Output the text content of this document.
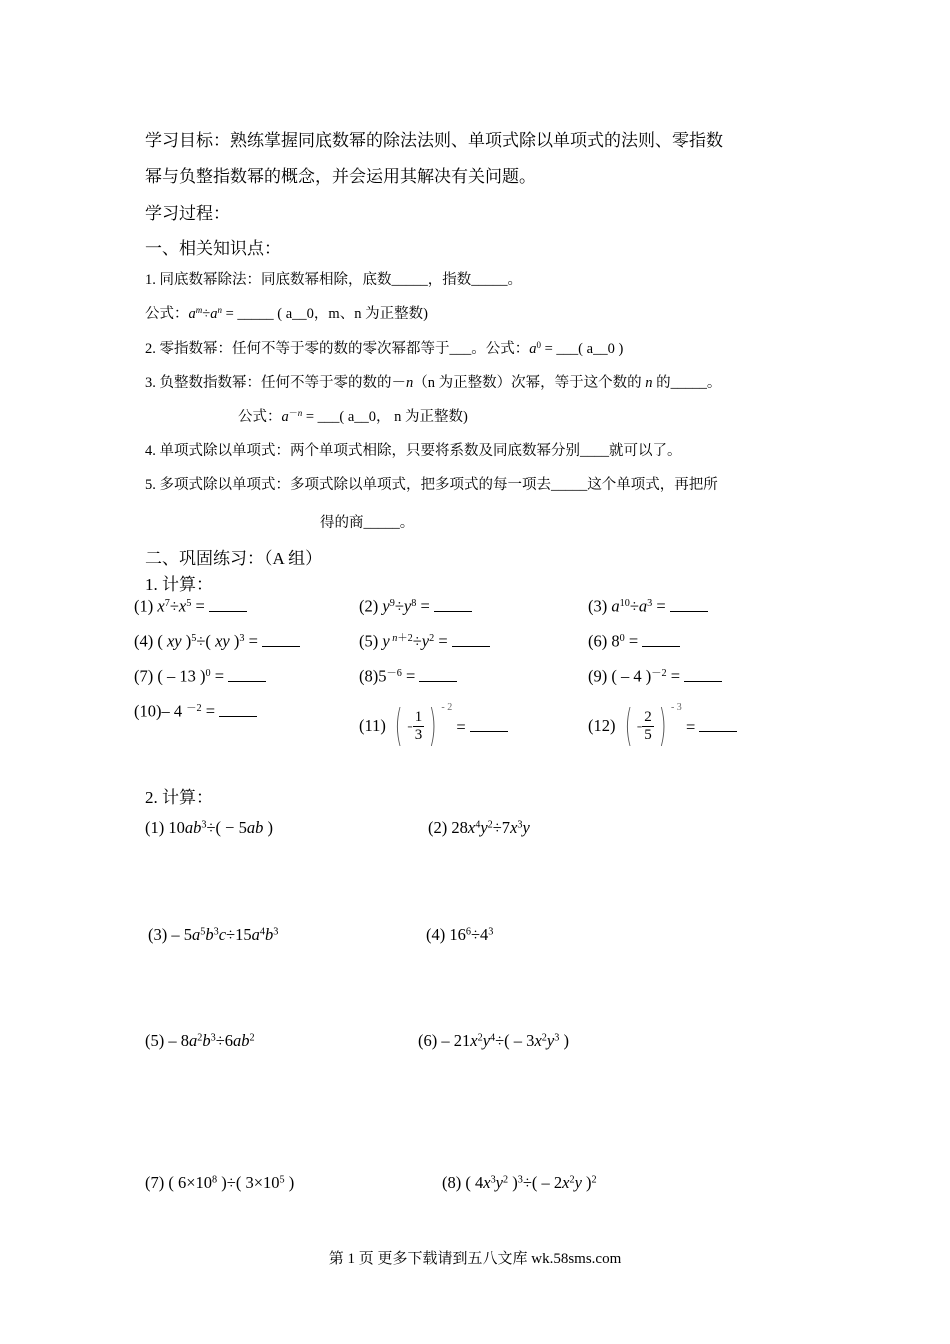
学习目标：熟练掌握同底数幂的除法法则、单项式除以单项式的法则、零指数
幂与负整指数幂的概念，并会运用其解决有关问题。
学习过程：
一、相关知识点：
1. 同底数幂除法：同底数幂相除，底数_____，指数_____。
公式：$a^m\div a^n$ = _____ ( a__0，m、n 为正整数)
2. 零指数幂：任何不等于零的数的零次幂都等于___。公式：$a^0$ = ___( a__0 )
3. 负整数指数幂：任何不等于零的数的－n（n 为正整数）次幂，等于这个数的 n 的_____。
公式：$a^{-n}$ = ___( a__0， n 为正整数)
4. 单项式除以单项式：两个单项式相除，只要将系数及同底数幂分别____就可以了。
5. 多项式除以单项式：多项式除以单项式，把多项式的每一项去_____这个单项式，再把所
得的商_____。
二、巩固练习：（A 组）
1. 计算：
(1) $x^7\div x^5$ =	(2) $y^9\div y^8$ =	(3) $a^{10}\div a^3$ =
(4) ( xy )$^5$÷( xy )$^3$ =	(5) y $^{n+2}\div y^2$ =	(6) $8^0$ =
(7) ( – 13 )$^0$ =	$(8)5^{-6}$ =	(9) ( – 4 )$^{-2}$ =
(10)– 4 $^{-2}$ =
(11) ( - $\frac{1}{3}$ ) - 2 =	(12) ( - $\frac{2}{5}$ ) - 3 =
2. 计算：
(1) $10ab^3\div( - 5ab$ )	(2) $28x^4y^2\div 7x^3y$
$(3) - 5a^5b^3c\div 15a^4b^3$	(4) $16^6\div 4^3$
$(5) - 8a^2b^3\div 6ab^2$	$(6) - 21x^2y^4\div( - 3x^2y^3$ )
(7) ( $6\times 10^8$ )÷( $3\times 10^5$ )	(8) ( $4x^3y^2$ )$^3\div( - 2x^2y$ )$^2$
第 1 页 更多下载请到五八文库 wk.58sms.com
